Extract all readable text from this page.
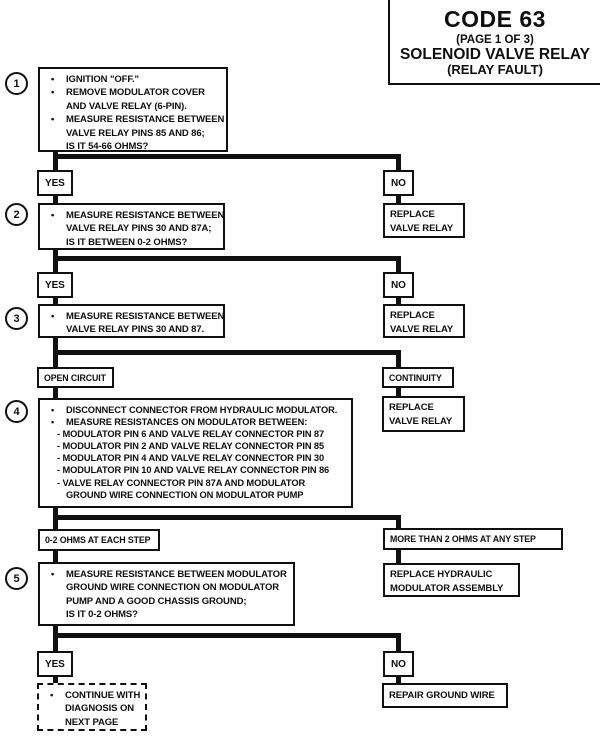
CODE 63
(PAGE 1 OF 3)
SOLENOID VALVE RELAY
(RELAY FAULT)
1	• IGNITION "OFF."
• REMOVE MODULATOR COVER
AND VALVE RELAY (6-PIN).
• MEASURE RESISTANCE BETWEEN
VALVE RELAY PINS 85 AND 86;
IS IT 54-66 OHMS?
YES	NO
REPLACE
VALVE RELAY
2	• MEASURE RESISTANCE BETWEEN
VALVE RELAY PINS 30 AND 87A;
IS IT BETWEEN 0-2 OHMS?
YES	NO
REPLACE
VALVE RELAY
3	• MEASURE RESISTANCE BETWEEN
VALVE RELAY PINS 30 AND 87.
OPEN CIRCUIT	CONTINUITY
REPLACE
VALVE RELAY
4	• DISCONNECT CONNECTOR FROM HYDRAULIC MODULATOR.
• MEASURE RESISTANCES ON MODULATOR BETWEEN:
- MODULATOR PIN 6 AND VALVE RELAY CONNECTOR PIN 87
- MODULATOR PIN 2 AND VALVE RELAY CONNECTOR PIN 85
- MODULATOR PIN 4 AND VALVE RELAY CONNECTOR PIN 30
- MODULATOR PIN 10 AND VALVE RELAY CONNECTOR PIN 86
- VALVE RELAY CONNECTOR PIN 87A AND MODULATOR
GROUND WIRE CONNECTION ON MODULATOR PUMP
0-2 OHMS AT EACH STEP	MORE THAN 2 OHMS AT ANY STEP
REPLACE HYDRAULIC
MODULATOR ASSEMBLY
5	• MEASURE RESISTANCE BETWEEN MODULATOR
GROUND WIRE CONNECTION ON MODULATOR
PUMP AND A GOOD CHASSIS GROUND;
IS IT 0-2 OHMS?
YES	NO
• CONTINUE WITH
DIAGNOSIS ON
NEXT PAGE
REPAIR GROUND WIRE
